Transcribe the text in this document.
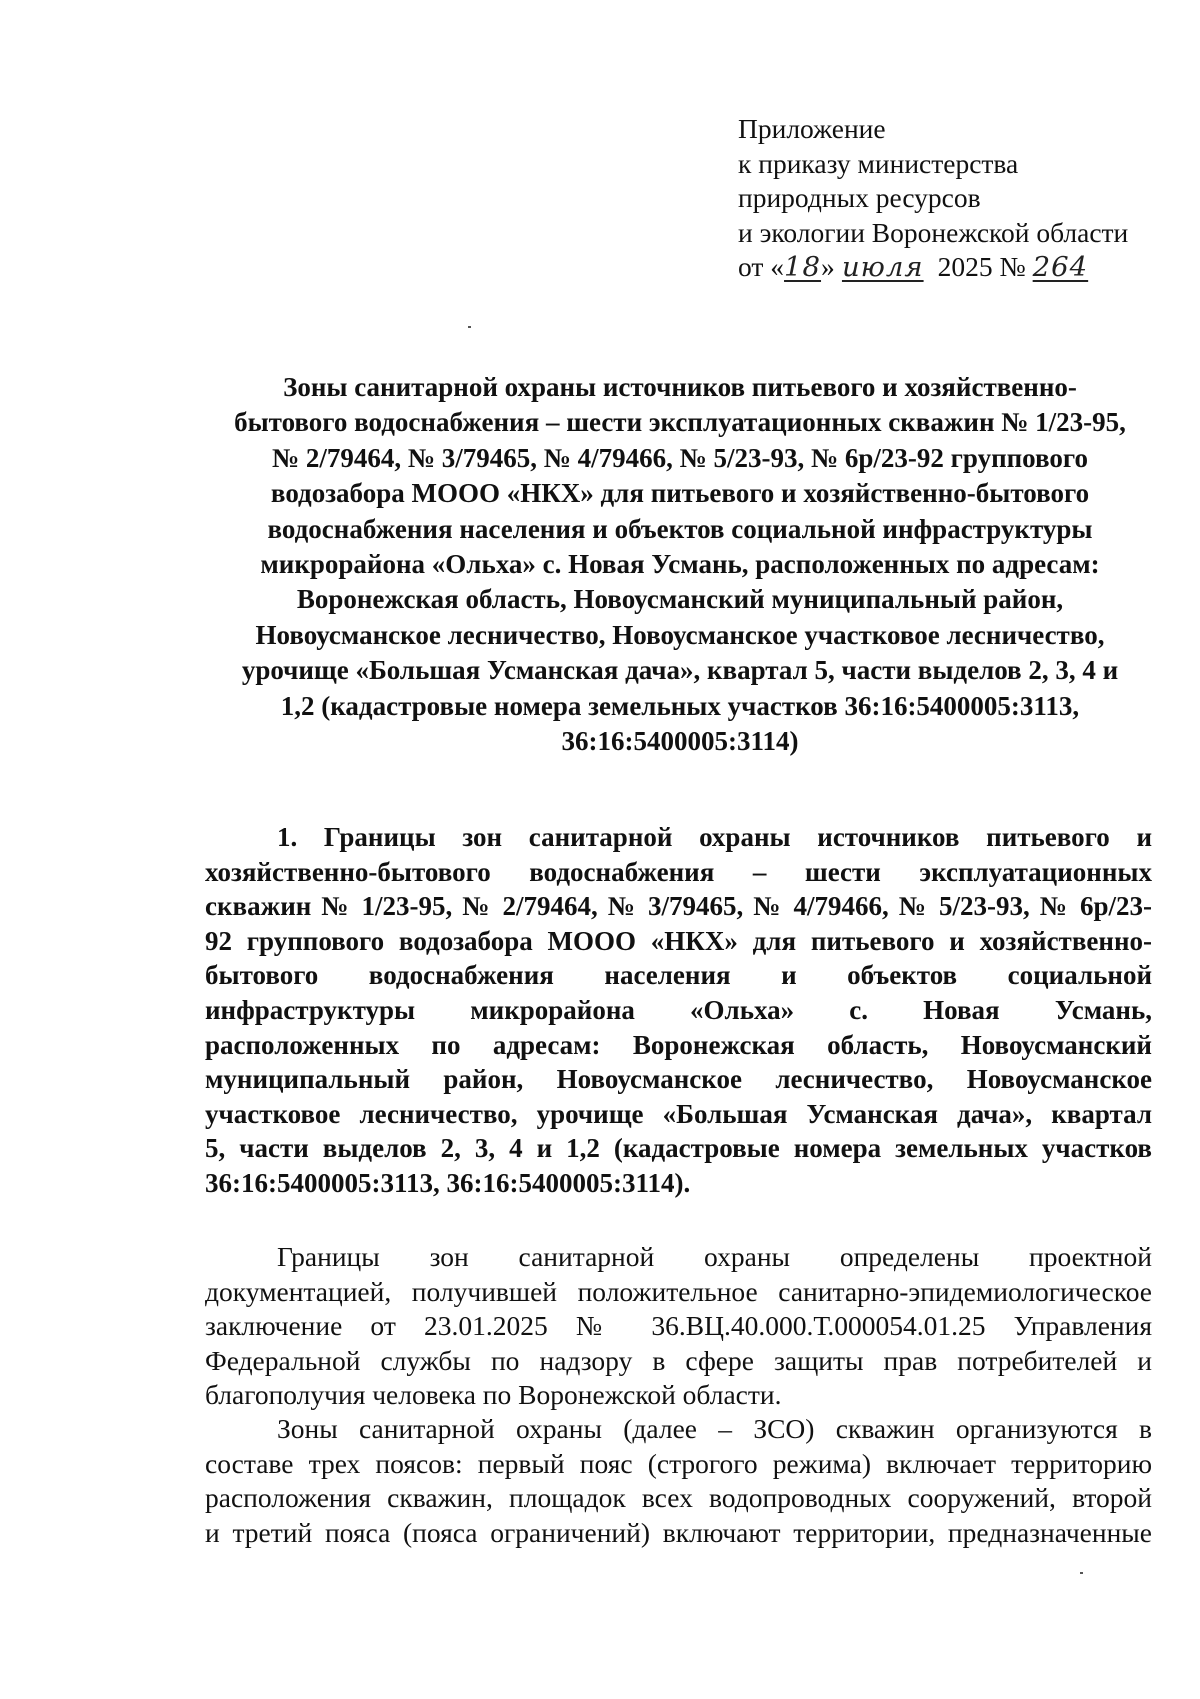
Приложение
к приказу министерства
природных ресурсов
и экологии Воронежской области
от «18» июля 2025 № 264
Зоны санитарной охраны источников питьевого и хозяйственно-
бытового водоснабжения – шести эксплуатационных скважин № 1/23-95,
№ 2/79464, № 3/79465, № 4/79466, № 5/23-93, № 6р/23-92 группового
водозабора МООО «НКХ» для питьевого и хозяйственно-бытового
водоснабжения населения и объектов социальной инфраструктуры
микрорайона «Ольха» с. Новая Усмань, расположенных по адресам:
Воронежская область, Новоусманский муниципальный район,
Новоусманское лесничество, Новоусманское участковое лесничество,
урочище «Большая Усманская дача», квартал 5, части выделов 2, 3, 4 и
1,2 (кадастровые номера земельных участков 36:16:5400005:3113,
36:16:5400005:3114)
1. Границы зон санитарной охраны источников питьевого и
хозяйственно-бытового водоснабжения – шести эксплуатационных
скважин № 1/23-95, № 2/79464, № 3/79465, № 4/79466, № 5/23-93, № 6р/23-
92 группового водозабора МООО «НКХ» для питьевого и хозяйственно-
бытового водоснабжения населения и объектов социальной
инфраструктуры микрорайона «Ольха» с. Новая Усмань,
расположенных по адресам: Воронежская область, Новоусманский
муниципальный район, Новоусманское лесничество, Новоусманское
участковое лесничество, урочище «Большая Усманская дача», квартал
5, части выделов 2, 3, 4 и 1,2 (кадастровые номера земельных участков
36:16:5400005:3113, 36:16:5400005:3114).
Границы зон санитарной охраны определены проектной
документацией, получившей положительное санитарно-эпидемиологическое
заключение от 23.01.2025 № 36.ВЦ.40.000.Т.000054.01.25 Управления
Федеральной службы по надзору в сфере защиты прав потребителей и
благополучия человека по Воронежской области.
Зоны санитарной охраны (далее – ЗСО) скважин организуются в
составе трех поясов: первый пояс (строгого режима) включает территорию
расположения скважин, площадок всех водопроводных сооружений, второй
и третий пояса (пояса ограничений) включают территории, предназначенные
